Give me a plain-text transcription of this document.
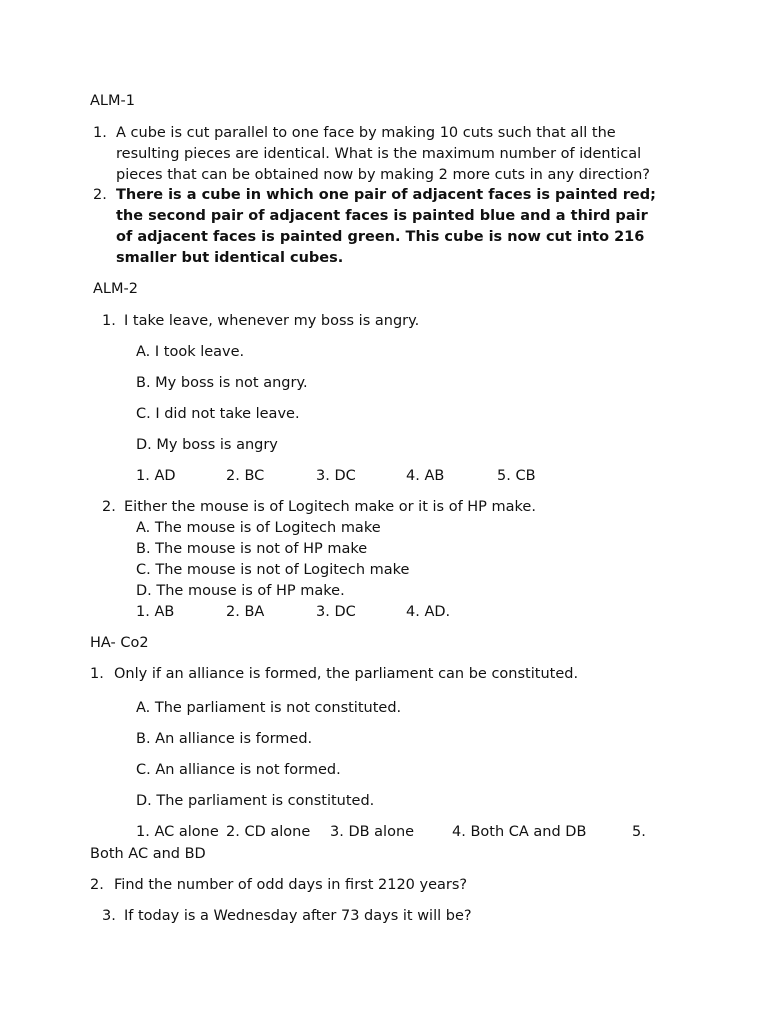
ALM-1
1. A cube is cut parallel to one face by making 10 cuts such that all the
resulting pieces are identical. What is the maximum number of identical
pieces that can be obtained now by making 2 more cuts in any direction?
2. There is a cube in which one pair of adjacent faces is painted red;
the second pair of adjacent faces is painted blue and a third pair
of adjacent faces is painted green. This cube is now cut into 216
smaller but identical cubes.
ALM-2
1. I take leave, whenever my boss is angry.
A. I took leave.
B. My boss is not angry.
C. I did not take leave.
D. My boss is angry
1. AD	2. BC	3. DC	4. AB	5. CB
2. Either the mouse is of Logitech make or it is of HP make.
A. The mouse is of Logitech make
B. The mouse is not of HP make
C. The mouse is not of Logitech make
D. The mouse is of HP make.
1. AB	2. BA	3. DC	4. AD.
HA- Co2
1. Only if an alliance is formed, the parliament can be constituted.
A. The parliament is not constituted.
B. An alliance is formed.
C. An alliance is not formed.
D. The parliament is constituted.
1. AC alone 2. CD alone 3. DB alone	4. Both CA and DB	5.
Both AC and BD
2. Find the number of odd days in first 2120 years?
3. If today is a Wednesday after 73 days it will be?
